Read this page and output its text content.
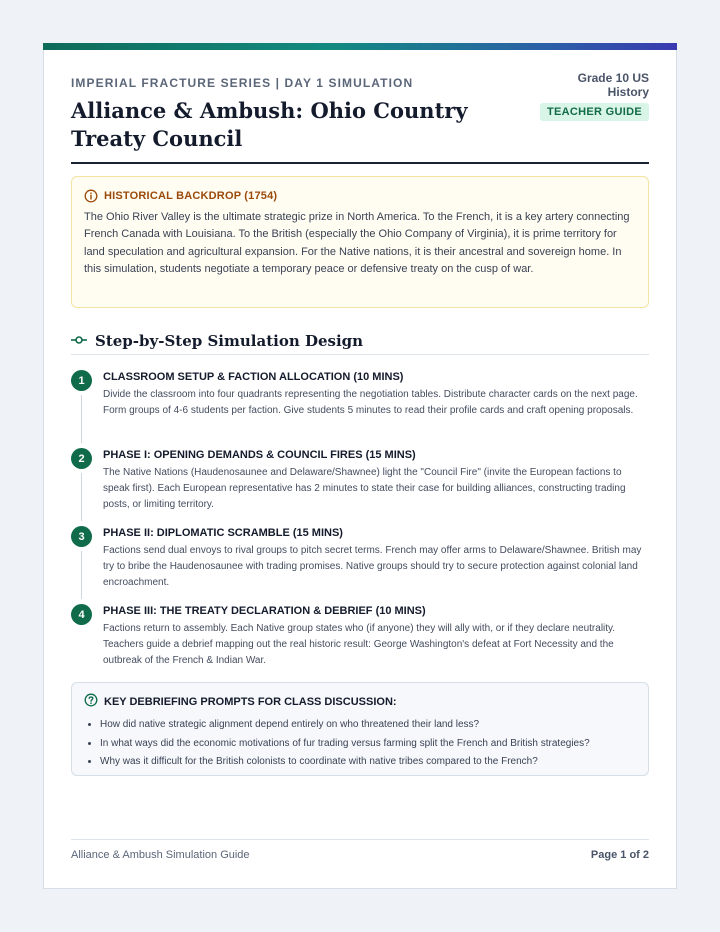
IMPERIAL FRACTURE SERIES | DAY 1 SIMULATION
Alliance & Ambush: Ohio Country Treaty Council
Grade 10 US
History
TEACHER GUIDE
HISTORICAL BACKDROP (1754)
The Ohio River Valley is the ultimate strategic prize in North America. To the French, it is a key artery connecting French Canada with Louisiana. To the British (especially the Ohio Company of Virginia), it is prime territory for land speculation and agricultural expansion. For the Native nations, it is their ancestral and sovereign home. In this simulation, students negotiate a temporary peace or defensive treaty on the cusp of war.
Step-by-Step Simulation Design
1	CLASSROOM SETUP & FACTION ALLOCATION (10 MINS)
Divide the classroom into four quadrants representing the negotiation tables. Distribute character cards on the next page. Form groups of 4-6 students per faction. Give students 5 minutes to read their profile cards and craft opening proposals.
2	PHASE I: OPENING DEMANDS & COUNCIL FIRES (15 MINS)
The Native Nations (Haudenosaunee and Delaware/Shawnee) light the "Council Fire" (invite the European factions to speak first). Each European representative has 2 minutes to state their case for building alliances, constructing trading posts, or limiting territory.
3	PHASE II: DIPLOMATIC SCRAMBLE (15 MINS)
Factions send dual envoys to rival groups to pitch secret terms. French may offer arms to Delaware/Shawnee. British may try to bribe the Haudenosaunee with trading promises. Native groups should try to secure protection against colonial land encroachment.
4	PHASE III: THE TREATY DECLARATION & DEBRIEF (10 MINS)
Factions return to assembly. Each Native group states who (if anyone) they will ally with, or if they declare neutrality. Teachers guide a debrief mapping out the real historic result: George Washington's defeat at Fort Necessity and the outbreak of the French & Indian War.
KEY DEBRIEFING PROMPTS FOR CLASS DISCUSSION:
• How did native strategic alignment depend entirely on who threatened their land less?
• In what ways did the economic motivations of fur trading versus farming split the French and British strategies?
• Why was it difficult for the British colonists to coordinate with native tribes compared to the French?
Alliance & Ambush Simulation Guide	Page 1 of 2
